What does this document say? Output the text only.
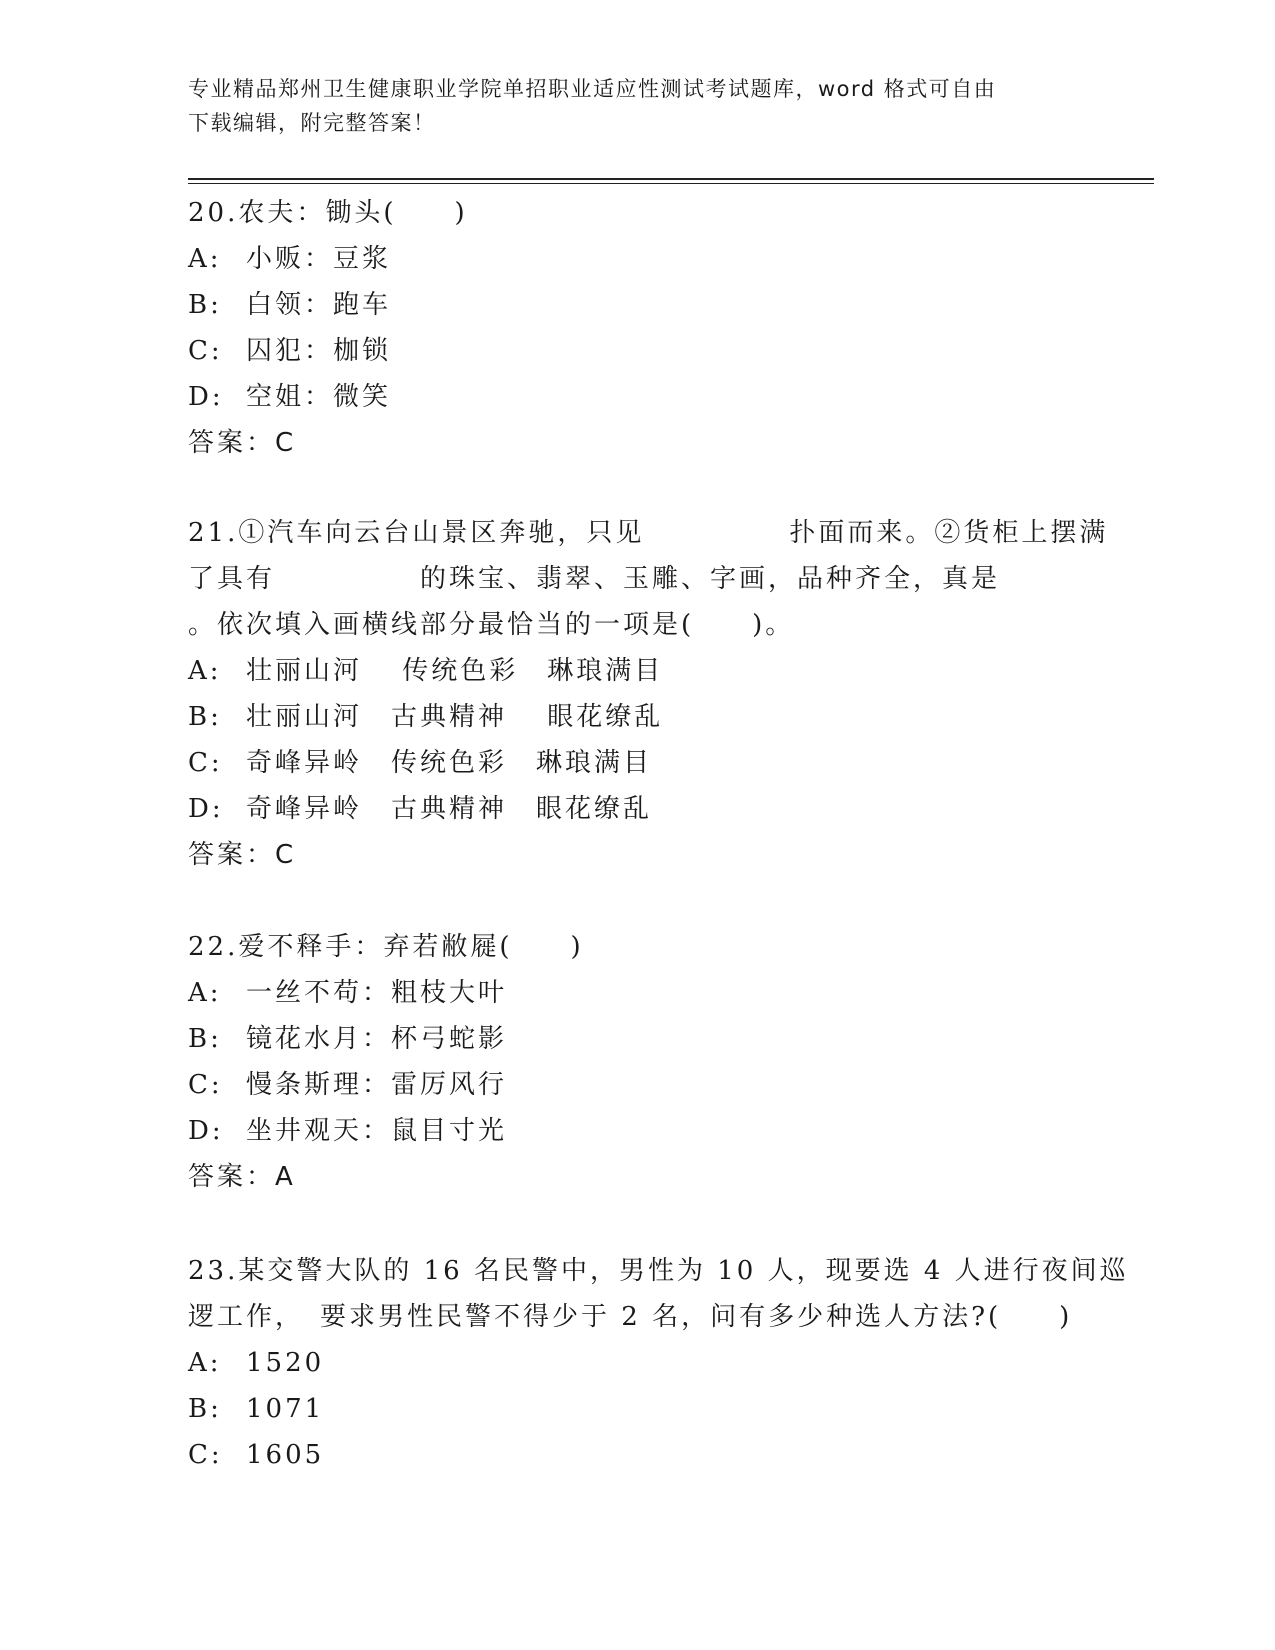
专业精品郑州卫生健康职业学院单招职业适应性测试考试题库，word 格式可自由
下载编辑，附完整答案！
20.农夫：锄头(　　)
A: 小贩：豆浆
B: 白领：跑车
C: 囚犯：枷锁
D: 空姐：微笑
答案：C
21.①汽车向云台山景区奔驰，只见　　　　　扑面而来。②货柜上摆满
了具有　　　　　的珠宝、翡翠、玉雕、字画，品种齐全，真是
。依次填入画横线部分最恰当的一项是(　　)。
A: 壮丽山河　 传统色彩　琳琅满目
B: 壮丽山河　古典精神　 眼花缭乱
C: 奇峰异岭　传统色彩　琳琅满目
D: 奇峰异岭　古典精神　眼花缭乱
答案：C
22.爱不释手：弃若敝屣(　　)
A: 一丝不苟：粗枝大叶
B: 镜花水月：杯弓蛇影
C: 慢条斯理：雷厉风行
D: 坐井观天：鼠目寸光
答案：A
23.某交警大队的 16 名民警中，男性为 10 人，现要选 4 人进行夜间巡
逻工作，　要求男性民警不得少于 2 名，问有多少种选人方法?(　　)
A: 1520
B: 1071
C: 1605
